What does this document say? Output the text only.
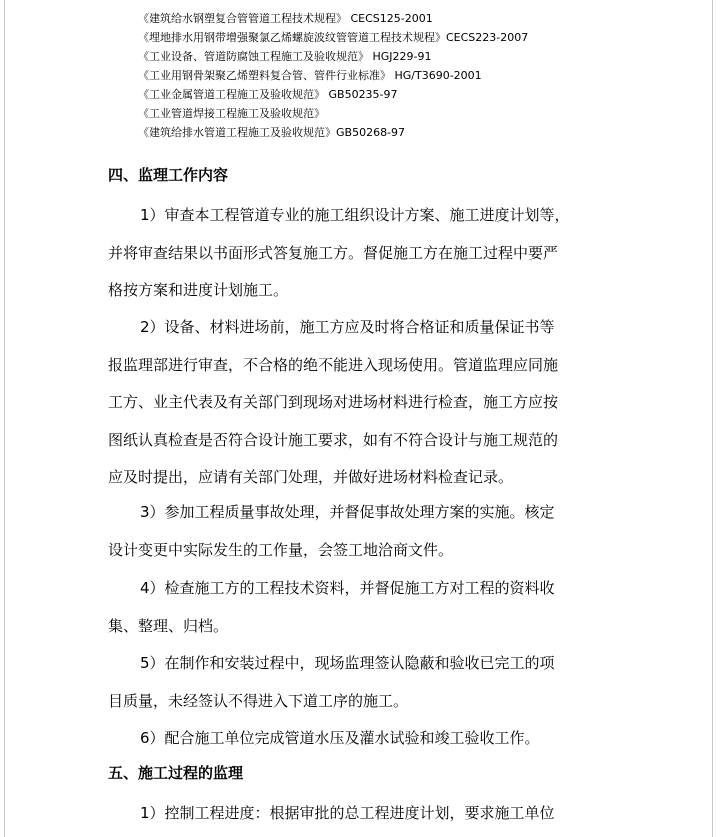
《建筑给水钢塑复合管管道工程技术规程》 CECS125-2001
《埋地排水用钢带增强聚氯乙烯螺旋波纹管管道工程技术规程》CECS223-2007
《工业设备、管道防腐蚀工程施工及验收规范》 HGJ229-91
《工业用钢骨架聚乙烯塑料复合管、管件行业标准》 HG/T3690-2001
《工业金属管道工程施工及验收规范》 GB50235-97
《工业管道焊接工程施工及验收规范》
《建筑给排水管道工程施工及验收规范》GB50268-97
四、监理工作内容
1）审查本工程管道专业的施工组织设计方案、施工进度计划等，
并将审查结果以书面形式答复施工方。督促施工方在施工过程中要严
格按方案和进度计划施工。
2）设备、材料进场前，施工方应及时将合格证和质量保证书等
报监理部进行审查，不合格的绝不能进入现场使用。管道监理应同施
工方、业主代表及有关部门到现场对进场材料进行检查，施工方应按
图纸认真检查是否符合设计施工要求，如有不符合设计与施工规范的
应及时提出，应请有关部门处理，并做好进场材料检查记录。
3）参加工程质量事故处理，并督促事故处理方案的实施。核定
设计变更中实际发生的工作量，会签工地洽商文件。
4）检查施工方的工程技术资料，并督促施工方对工程的资料收
集、整理、归档。
5）在制作和安装过程中，现场监理签认隐蔽和验收已完工的项
目质量，未经签认不得进入下道工序的施工。
6）配合施工单位完成管道水压及灌水试验和竣工验收工作。
五、施工过程的监理
1）控制工程进度：根据审批的总工程进度计划，要求施工单位
